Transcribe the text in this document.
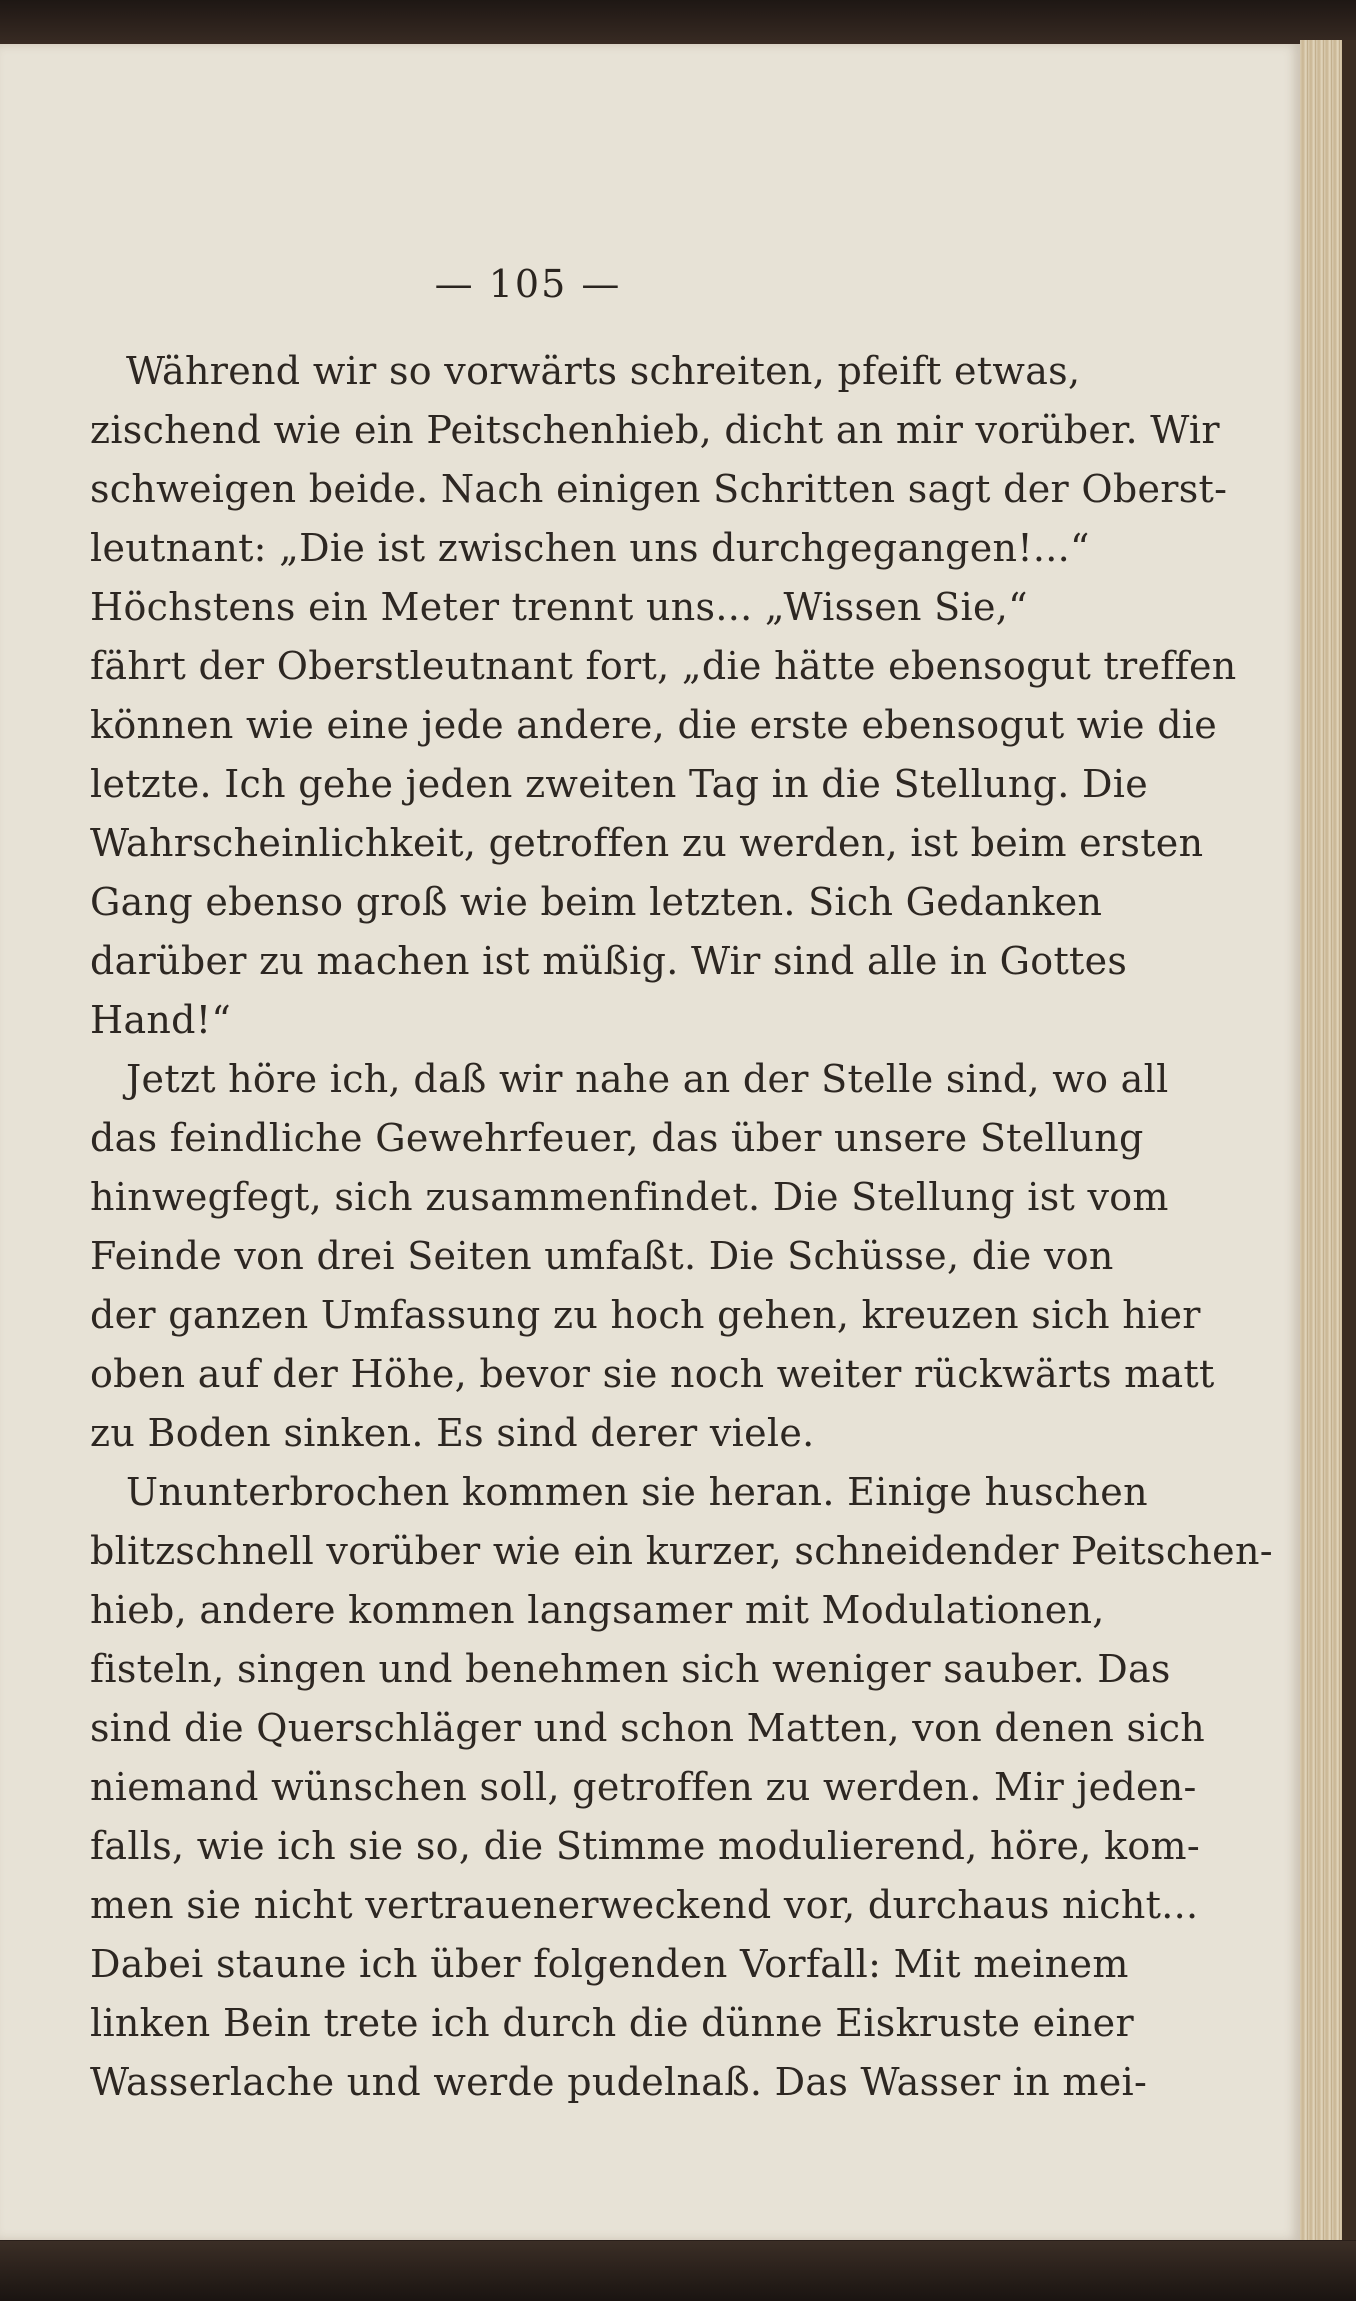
— 105 —
Während wir so vorwärts schreiten, pfeift etwas,
zischend wie ein Peitschenhieb, dicht an mir vorüber. Wir
schweigen beide. Nach einigen Schritten sagt der Oberst-
leutnant: „Die ist zwischen uns durchgegangen!...“
Höchstens ein Meter trennt uns... „Wissen Sie,“
fährt der Oberstleutnant fort, „die hätte ebensogut treffen
können wie eine jede andere, die erste ebensogut wie die
letzte. Ich gehe jeden zweiten Tag in die Stellung. Die
Wahrscheinlichkeit, getroffen zu werden, ist beim ersten
Gang ebenso groß wie beim letzten. Sich Gedanken
darüber zu machen ist müßig. Wir sind alle in Gottes
Hand!“
Jetzt höre ich, daß wir nahe an der Stelle sind, wo all
das feindliche Gewehrfeuer, das über unsere Stellung
hinwegfegt, sich zusammenfindet. Die Stellung ist vom
Feinde von drei Seiten umfaßt. Die Schüsse, die von
der ganzen Umfassung zu hoch gehen, kreuzen sich hier
oben auf der Höhe, bevor sie noch weiter rückwärts matt
zu Boden sinken. Es sind derer viele.
Ununterbrochen kommen sie heran. Einige huschen
blitzschnell vorüber wie ein kurzer, schneidender Peitschen-
hieb, andere kommen langsamer mit Modulationen,
fisteln, singen und benehmen sich weniger sauber. Das
sind die Querschläger und schon Matten, von denen sich
niemand wünschen soll, getroffen zu werden. Mir jeden-
falls, wie ich sie so, die Stimme modulierend, höre, kom-
men sie nicht vertrauenerweckend vor, durchaus nicht...
Dabei staune ich über folgenden Vorfall: Mit meinem
linken Bein trete ich durch die dünne Eiskruste einer
Wasserlache und werde pudelnaß. Das Wasser in mei-
